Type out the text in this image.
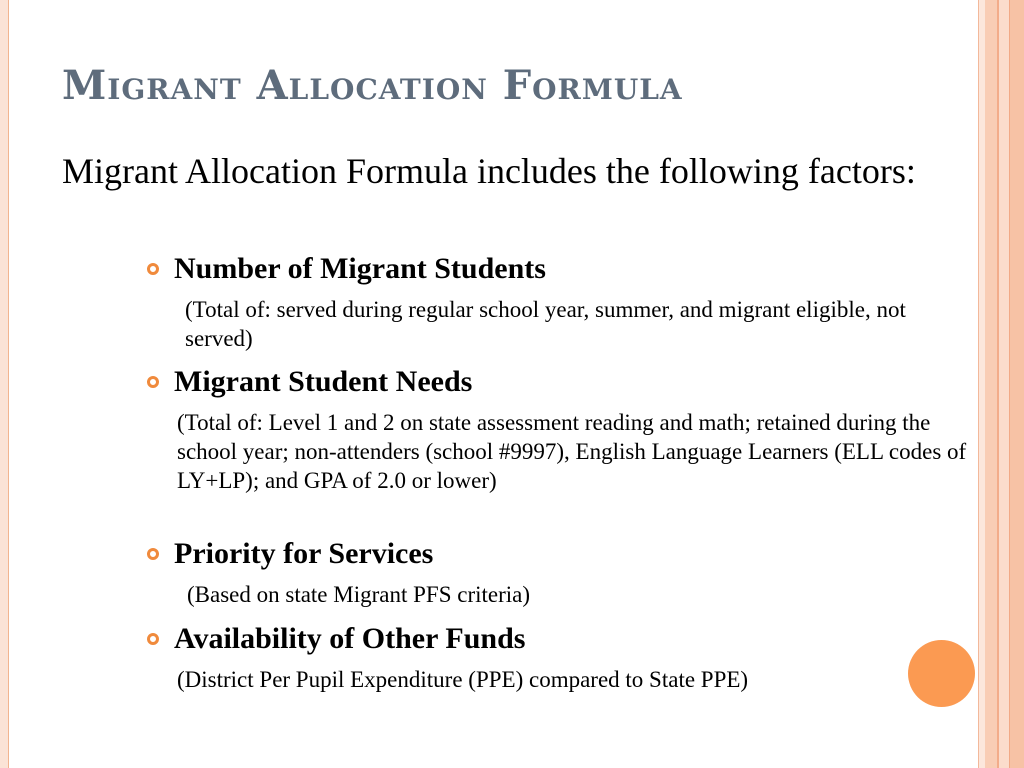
Migrant Allocation Formula

Migrant Allocation Formula includes the following factors:

Number of Migrant Students

(Total of: served during regular school year, summer, and migrant eligible, not served)

Migrant Student Needs

(Total of: Level 1 and 2 on state assessment reading and math; retained during the school year; non-attenders (school #9997), English Language Learners (ELL codes of LY+LP); and GPA of 2.0 or lower)

Priority for Services

(Based on state Migrant PFS criteria)

Availability of Other Funds

(District Per Pupil Expenditure (PPE) compared to State PPE)
